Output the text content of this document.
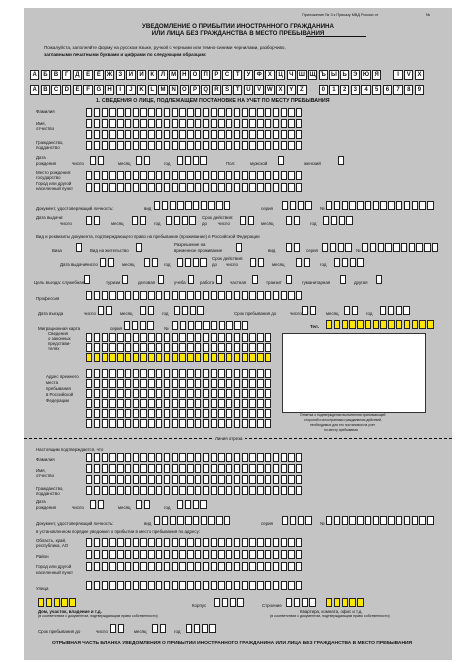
Приложение № 3 к Приказу МВД России от	№
УВЕДОМЛЕНИЕ О ПРИБЫТИИ ИНОСТРАННОГО ГРАЖДАНИНА
ИЛИ ЛИЦА БЕЗ ГРАЖДАНСТВА В МЕСТО ПРЕБЫВАНИЯ
Пожалуйста, заполняйте форму на русском языке, ручкой с черными или темно-синими чернилами, разборчиво,
заглавными печатными буквами и цифрами по следующим образцам:
А	Б	В	Г	Д	Е	Ё Ж	З	И	Й	К	Л	М	Н	О	П	Р	С	Т	У	Ф	Х	Ц	Ч Ш Щ Ъ Ы Ь	Э Ю Я	I	V	X
A	B	C	D	E	F	G	H	I	J	K	L	M	N	O	P	Q	R	S	T	U	V W X	Y	Z	0	1	2	3	4	5	6	7	8	9
1. СВЕДЕНИЯ О ЛИЦЕ, ПОДЛЕЖАЩЕМ ПОСТАНОВКЕ НА УЧЕТ ПО МЕСТУ ПРЕБЫВАНИЯ
Фамилия
Имя,
отчество
Гражданство,
подданство
Дата
рождения	число	месяц	год	Пол:	мужской	женский
Место рождения:
государство
Город или другой
населенный пункт
Документ, удостоверяющий личность:	вид	серия	№
Дата выдачи:
число	месяц	год
Срок действия:
до число	месяц	год
Вид и реквизиты документа, подтверждающего право на пребывание (проживание) в Российской Федерации
Виза	Вид на жительство
Разрешение на
временное проживание	вид	серия	№
Дата выдачи:
число	месяц	год
Срок действия:
до число	месяц	год
Цель въезда: служебная	туризм	деловая	учеба	работа	частная	транзит	гуманитарная	другая
Профессия
Дата въезда	число	месяц	год	Срок пребывания до	число	месяц	год
Миграционная карта	серия	№	Тел.
Сведения
о законных
представи-
телях
Отметка о подтверждении выполнения принимающей
стороной и иностранным гражданином действий,
необходимых для его постановки на учет
по месту пребывания
Адрес прежнего
места
пребывания
в Российской
Федерации
Линия отреза
Настоящим подтверждается, что
Фамилия
Имя,
отчество
Гражданство,
подданство
Дата
рождения	число	месяц	год
Документ, удостоверяющий личность:	вид	серия	№
в установленном порядке уведомил о прибытии в место пребывания по адресу:
Область, край,
республика, АО
Район
Город или другой
населенный пункт
Улица
Корпус	Строение
Дом, участок, владение и т.д.
(в соответствии с документом, подтверждающим право собственности)
Квартира, комната, офис и т.д.
(в соответствии с документом, подтверждающим право собственности)
Срок пребывания до	число	месяц	год
ОТРЫВНАЯ ЧАСТЬ БЛАНКА УВЕДОМЛЕНИЯ О ПРИБЫТИИ ИНОСТРАННОГО ГРАЖДАНИНА ИЛИ ЛИЦА БЕЗ ГРАЖДАНСТВА В МЕСТО ПРЕБЫВАНИЯ
